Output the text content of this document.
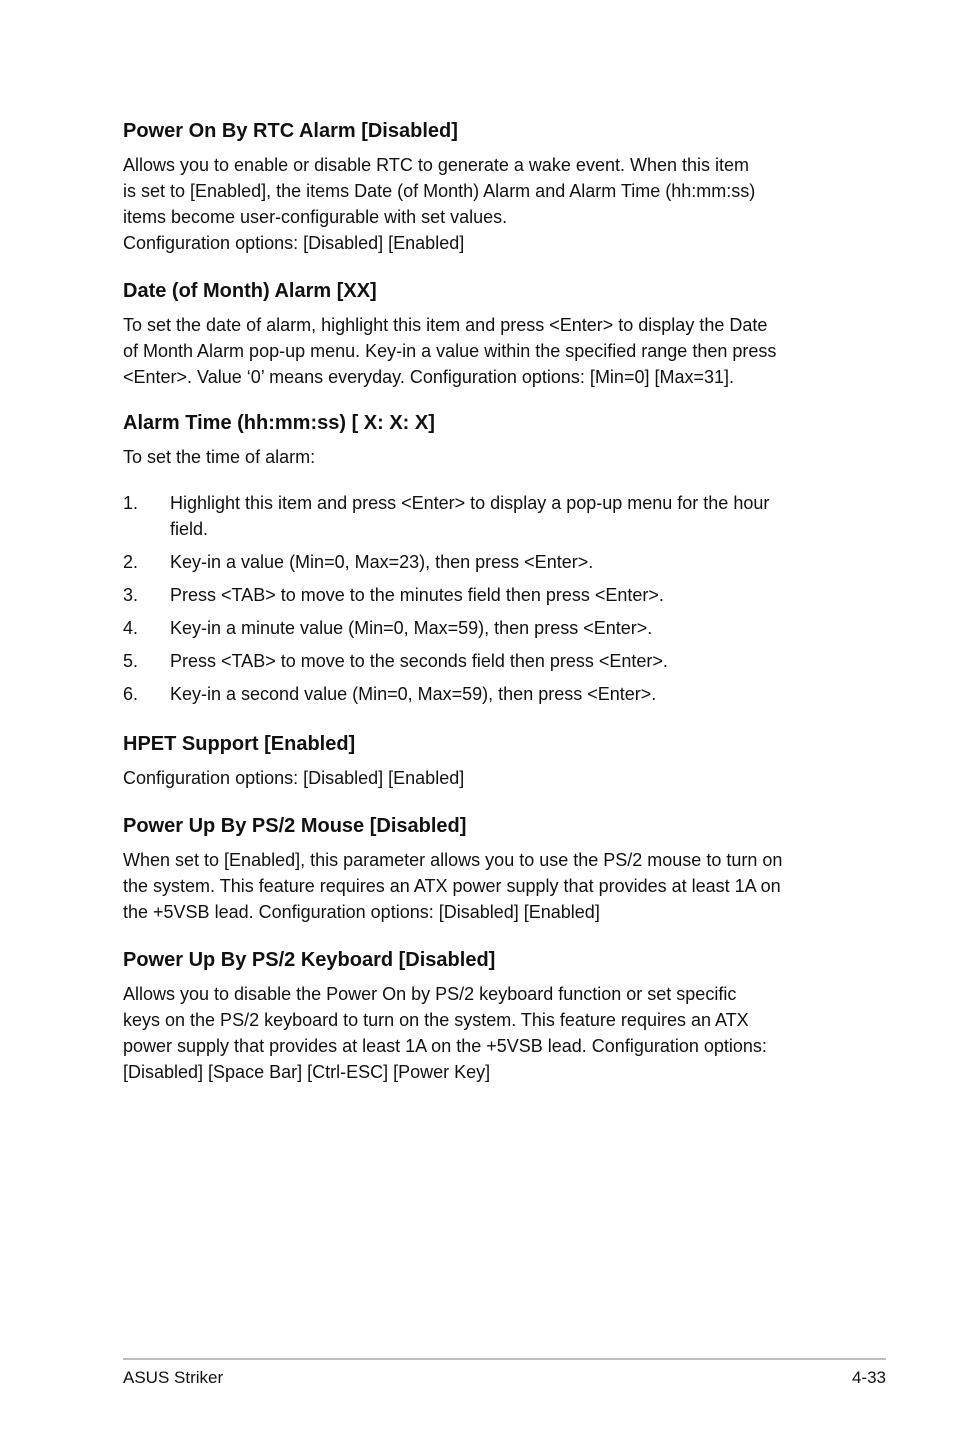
Power On By RTC Alarm [Disabled]

Allows you to enable or disable RTC to generate a wake event. When this item
is set to [Enabled], the items Date (of Month) Alarm and Alarm Time (hh:mm:ss)
items become user-configurable with set values.
Configuration options: [Disabled] [Enabled]

Date (of Month) Alarm [XX]

To set the date of alarm, highlight this item and press <Enter> to display the Date
of Month Alarm pop-up menu. Key-in a value within the specified range then press
<Enter>. Value ‘0’ means everyday. Configuration options: [Min=0] [Max=31].

Alarm Time (hh:mm:ss) [ X: X: X]

To set the time of alarm:

1. Highlight this item and press <Enter> to display a pop-up menu for the hour
field.
2. Key-in a value (Min=0, Max=23), then press <Enter>.
3. Press <TAB> to move to the minutes field then press <Enter>.
4. Key-in a minute value (Min=0, Max=59), then press <Enter>.
5. Press <TAB> to move to the seconds field then press <Enter>.
6. Key-in a second value (Min=0, Max=59), then press <Enter>.
HPET Support [Enabled]

Configuration options: [Disabled] [Enabled]

Power Up By PS/2 Mouse [Disabled]

When set to [Enabled], this parameter allows you to use the PS/2 mouse to turn on
the system. This feature requires an ATX power supply that provides at least 1A on
the +5VSB lead. Configuration options: [Disabled] [Enabled]

Power Up By PS/2 Keyboard [Disabled]

Allows you to disable the Power On by PS/2 keyboard function or set specific
keys on the PS/2 keyboard to turn on the system. This feature requires an ATX
power supply that provides at least 1A on the +5VSB lead. Configuration options:
[Disabled] [Space Bar] [Ctrl-ESC] [Power Key]

ASUS Striker	4-33
